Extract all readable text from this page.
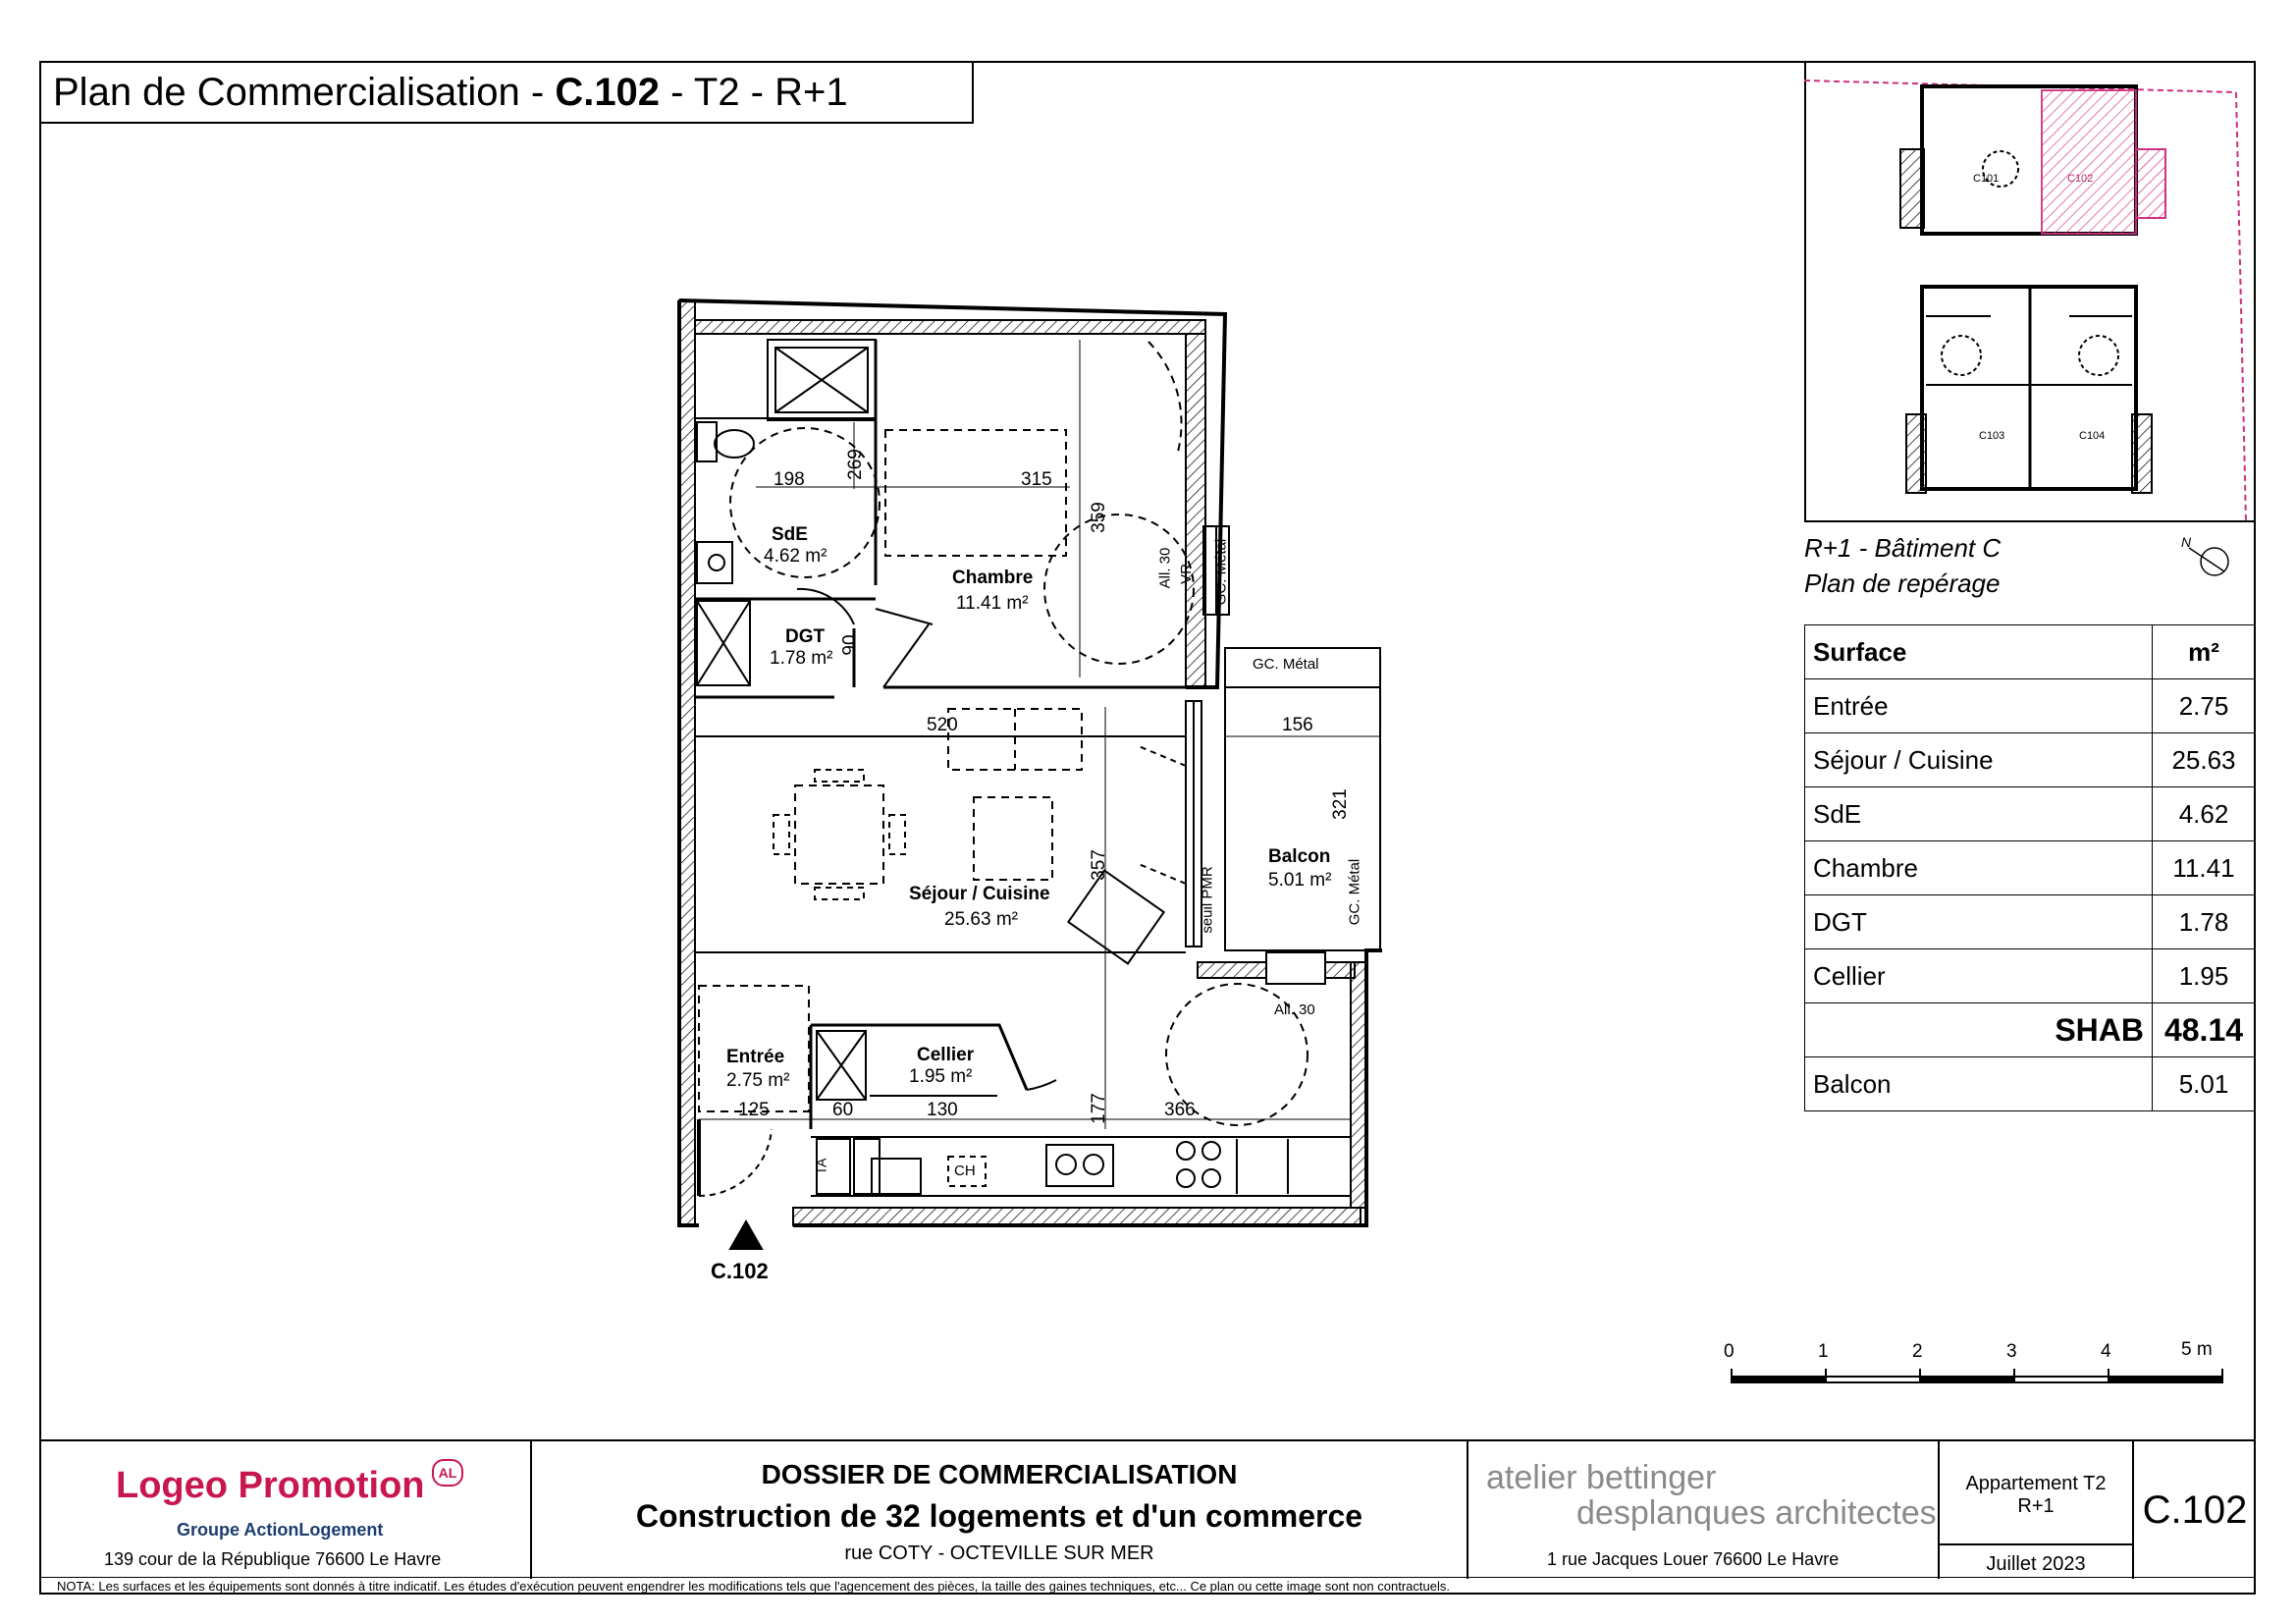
Plan de Commercialisation - C.102 - T2 - R+1
SdE
4.62 m²
Chambre
11.41 m²
DGT
1.78 m²
Séjour / Cuisine
25.63 m²
Balcon
5.01 m²
Entrée
2.75 m²
Cellier
1.95 m²
198 269	315
359
90
520	156
321
357
125	60	130	177	366
All. 30 VR GC. Métal
GC. Métal
GC. Métal
seuil PMR
All. 30
TA	CH
C.102
C101	C102
C103	C104
R+1 - Bâtiment C
Plan de repérage
N
Surface	m²
Entrée	2.75
Séjour / Cuisine	25.63
SdE	4.62
Chambre	11.41
DGT	1.78
Cellier	1.95
SHAB	48.14
Balcon	5.01
0	1	2	3	4	5 m
Logeo Promotion	AL
Groupe ActionLogement
139 cour de la République 76600 Le Havre
DOSSIER DE COMMERCIALISATION
Construction de 32 logements et d'un commerce
rue COTY - OCTEVILLE SUR MER
atelier bettinger
desplanques architectes
1 rue Jacques Louer 76600 Le Havre
Appartement T2
R+1
Juillet 2023
C.102
NOTA: Les surfaces et les équipements sont donnés à titre indicatif. Les études d'exécution peuvent engendrer les modifications tels que l'agencement des pièces, la taille des gaines techniques, etc... Ce plan ou cette image sont non contractuels.
